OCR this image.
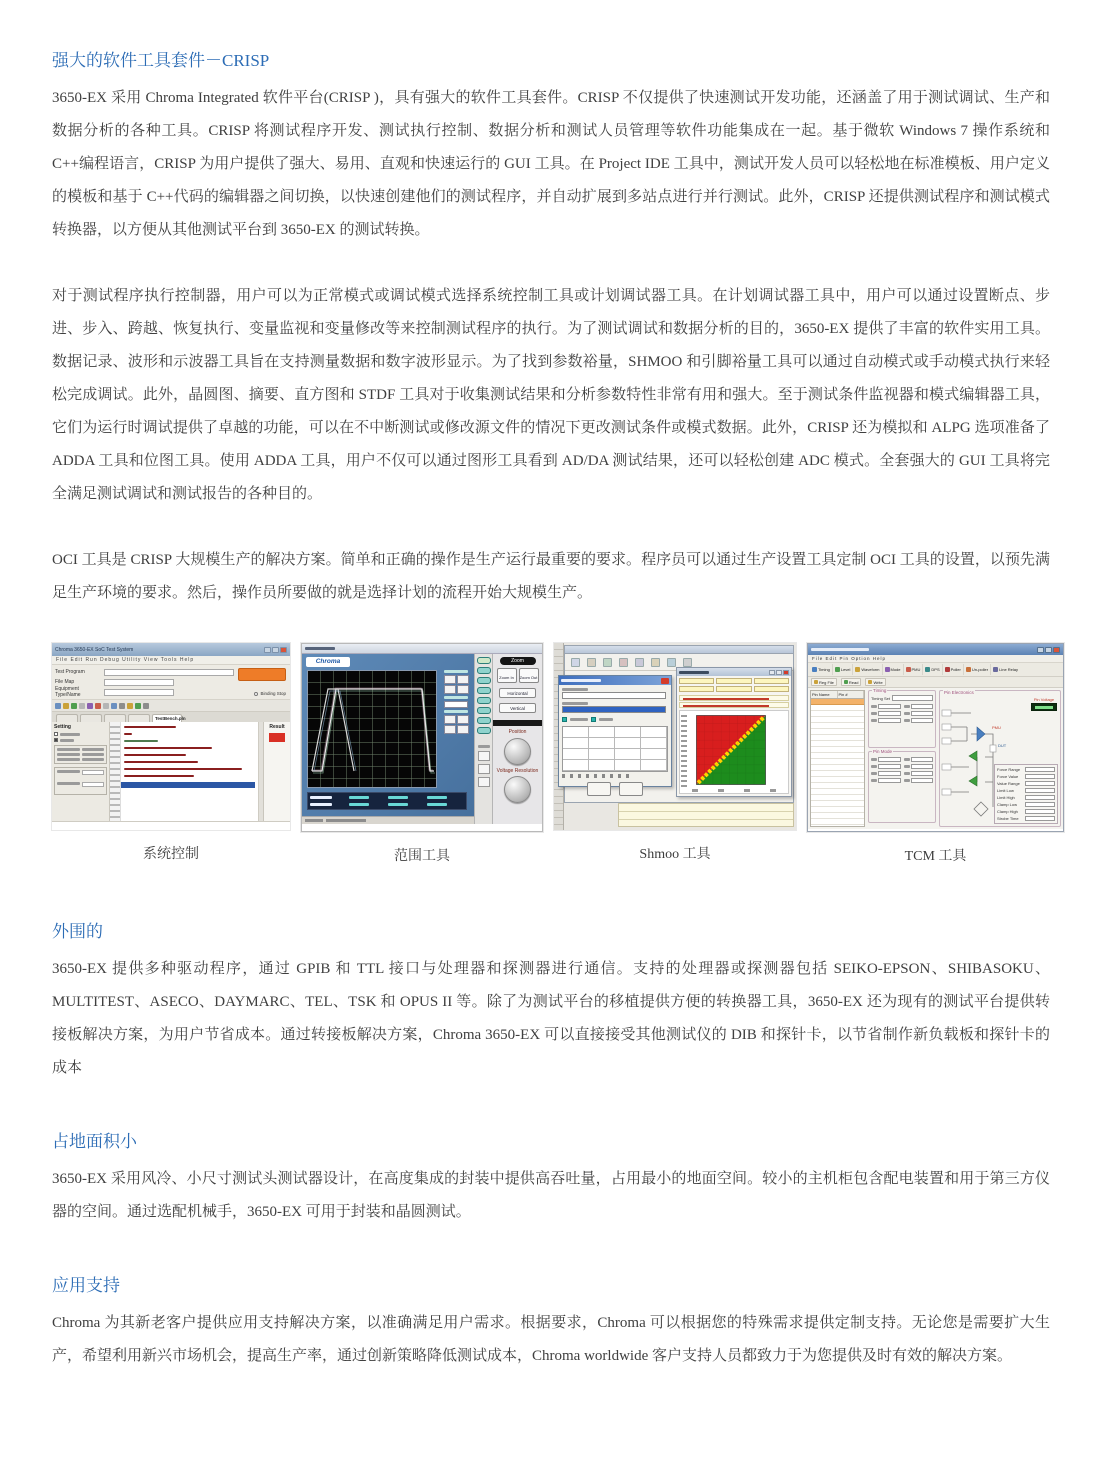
强大的软件工具套件－CRISP

3650-EX 采用 Chroma Integrated 软件平台(CRISP )，具有强大的软件工具套件。CRISP 不仅提供了快速测试开发功能，还涵盖了用于测试调试、生产和数据分析的各种工具。CRISP 将测试程序开发、测试执行控制、数据分析和测试人员管理等软件功能集成在一起。基于微软 Windows 7 操作系统和 C++编程语言，CRISP 为用户提供了强大、易用、直观和快速运行的 GUI 工具。在 Project IDE 工具中，测试开发人员可以轻松地在标准模板、用户定义的模板和基于 C++代码的编辑器之间切换，以快速创建他们的测试程序，并自动扩展到多站点进行并行测试。此外，CRISP 还提供测试程序和测试模式转换器，以方便从其他测试平台到 3650-EX 的测试转换。

对于测试程序执行控制器，用户可以为正常模式或调试模式选择系统控制工具或计划调试器工具。在计划调试器工具中，用户可以通过设置断点、步进、步入、跨越、恢复执行、变量监视和变量修改等来控制测试程序的执行。为了测试调试和数据分析的目的，3650-EX 提供了丰富的软件实用工具。数据记录、波形和示波器工具旨在支持测量数据和数字波形显示。为了找到参数裕量，SHMOO 和引脚裕量工具可以通过自动模式或手动模式执行来轻松完成调试。此外，晶圆图、摘要、直方图和 STDF 工具对于收集测试结果和分析参数特性非常有用和强大。至于测试条件监视器和模式编辑器工具，它们为运行时调试提供了卓越的功能，可以在不中断测试或修改源文件的情况下更改测试条件或模式数据。此外，CRISP 还为模拟和 ALPG 选项准备了 ADDA 工具和位图工具。使用 ADDA 工具，用户不仅可以通过图形工具看到 AD/DA 测试结果，还可以轻松创建 ADC 模式。全套强大的 GUI 工具将完全满足测试调试和测试报告的各种目的。

OCI 工具是 CRISP 大规模生产的解决方案。简单和正确的操作是生产运行最重要的要求。程序员可以通过生产设置工具定制 OCI 工具的设置，以预先满足生产环境的要求。然后，操作员所要做的就是选择计划的流程开始大规模生产。

Chroma 3650-EX SoC Test System
File Edit Run Debug Utility View Tools Help
Test Program
File Map
Equipment Type/Name	Binding Stop
TestBench.pln
Setting	Result
系统控制
Chroma	Zoom
Zoom In	Zoom Out
Horizontal
Vertical
Position
Voltage Resolution
范围工具	Shmoo 工具
File Edit Pin Option Help
Timing	Level	Waveform	Mode	PMU	DPS	Poller	Un-poller	Line Relay
Reg File	Read	Write
Pin Name	Pin #
Timing
Timing Set
Pin Mode
Pin Electronics
PMU
DUT
Pin Voltage
Force Range
Force Value
Value Range
Limit Low
Limit High
Clamp Low
Clamp High
Strobe Time
TCM 工具
外围的

3650-EX 提供多种驱动程序，通过 GPIB 和 TTL 接口与处理器和探测器进行通信。支持的处理器或探测器包括 SEIKO-EPSON、SHIBASOKU、MULTITEST、ASECO、DAYMARC、TEL、TSK 和 OPUS II 等。除了为测试平台的移植提供方便的转换器工具，3650-EX 还为现有的测试平台提供转接板解决方案，为用户节省成本。通过转接板解决方案，Chroma 3650-EX 可以直接接受其他测试仪的 DIB 和探针卡，以节省制作新负载板和探针卡的成本

占地面积小

3650-EX 采用风冷、小尺寸测试头测试器设计，在高度集成的封装中提供高吞吐量，占用最小的地面空间。较小的主机柜包含配电装置和用于第三方仪器的空间。通过选配机械手，3650-EX 可用于封装和晶圆测试。

应用支持

Chroma 为其新老客户提供应用支持解决方案，以准确满足用户需求。根据要求，Chroma 可以根据您的特殊需求提供定制支持。无论您是需要扩大生产，希望利用新兴市场机会，提高生产率，通过创新策略降低测试成本，Chroma worldwide 客户支持人员都致力于为您提供及时有效的解决方案。
